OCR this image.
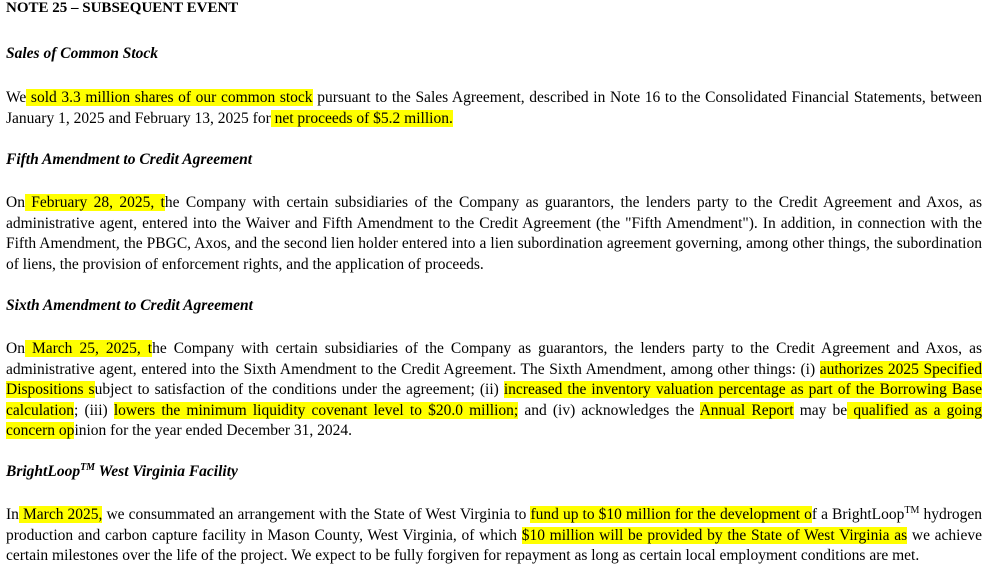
NOTE 25 – SUBSEQUENT EVENT
Sales of Common Stock
We sold 3.3 million shares of our common stock pursuant to the Sales Agreement, described in Note 16 to the Consolidated Financial Statements, between January 1, 2025 and February 13, 2025 for net proceeds of $5.2 million.
Fifth Amendment to Credit Agreement
On February 28, 2025, the Company with certain subsidiaries of the Company as guarantors, the lenders party to the Credit Agreement and Axos, as administrative agent, entered into the Waiver and Fifth Amendment to the Credit Agreement (the "Fifth Amendment"). In addition, in connection with the Fifth Amendment, the PBGC, Axos, and the second lien holder entered into a lien subordination agreement governing, among other things, the subordination of liens, the provision of enforcement rights, and the application of proceeds.
Sixth Amendment to Credit Agreement
On March 25, 2025, the Company with certain subsidiaries of the Company as guarantors, the lenders party to the Credit Agreement and Axos, as administrative agent, entered into the Sixth Amendment to the Credit Agreement. The Sixth Amendment, among other things: (i) authorizes 2025 Specified Dispositions subject to satisfaction of the conditions under the agreement; (ii) increased the inventory valuation percentage as part of the Borrowing Base calculation; (iii) lowers the minimum liquidity covenant level to $20.0 million; and (iv) acknowledges the Annual Report may be qualified as a going concern opinion for the year ended December 31, 2024.
BrightLoop™ West Virginia Facility
In March 2025, we consummated an arrangement with the State of West Virginia to fund up to $10 million for the development of a BrightLoop™ hydrogen production and carbon capture facility in Mason County, West Virginia, of which $10 million will be provided by the State of West Virginia as we achieve certain milestones over the life of the project. We expect to be fully forgiven for repayment as long as certain local employment conditions are met.
